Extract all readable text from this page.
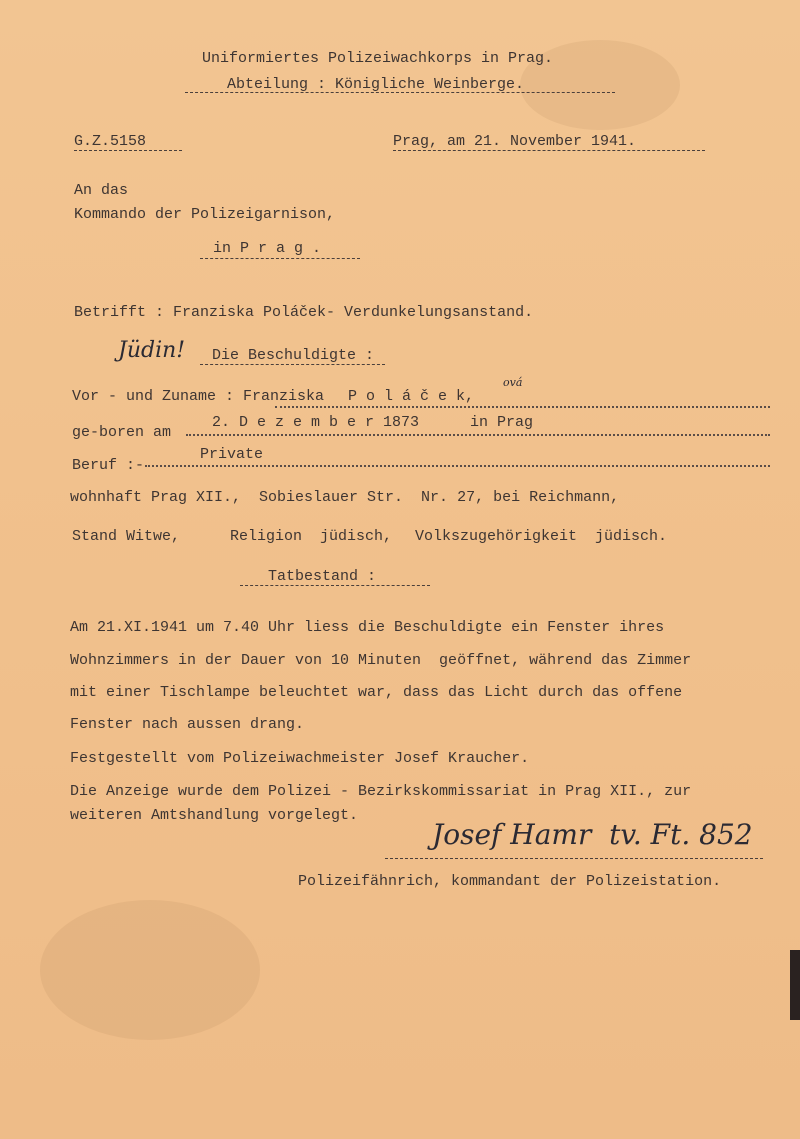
Uniformiertes Polizeiwachkorps in Prag.
Abteilung : Königliche Weinberge.
G.Z.5158	Prag, am 21. November 1941.
An das
Kommando der Polizeigarnison,
in P r a g .
Betrifft : Franziska Poláček- Verdunkelungsanstand.
Jüdin! Die Beschuldigte :
Vor - und Zuname : Franziska P o l á č e k,
ová
ge-boren am
2. D e z e m b e r 1873	in Prag
Beruf :-
Private
wohnhaft Prag XII.,  Sobieslauer Str.  Nr. 27, bei Reichmann,
Stand Witwe,	Religion  jüdisch, Volkszugehörigkeit  jüdisch.
Tatbestand :
Am 21.XI.1941 um 7.40 Uhr liess die Beschuldigte ein Fenster ihres
Wohnzimmers in der Dauer von 10 Minuten  geöffnet, während das Zimmer
mit einer Tischlampe beleuchtet war, dass das Licht durch das offene
Fenster nach aussen drang.
Festgestellt vom Polizeiwachmeister Josef Kraucher.
Die Anzeige wurde dem Polizei - Bezirkskommissariat in Prag XII., zur
weiteren Amtshandlung vorgelegt.
Josef Hamr  tv. Ft. 852
Polizeifähnrich, kommandant der Polizeistation.
